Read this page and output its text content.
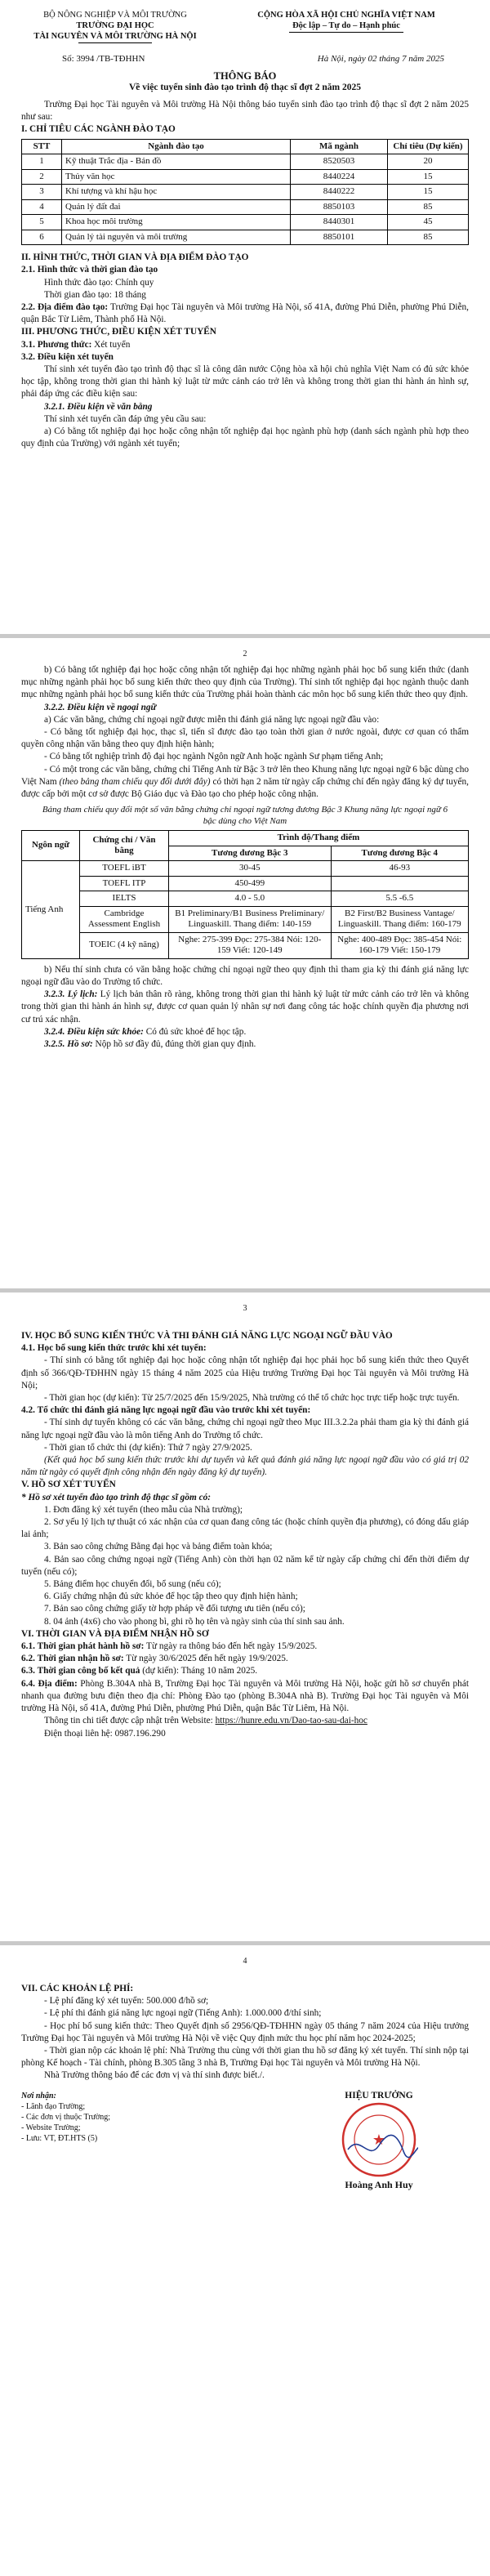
BỘ NÔNG NGHIỆP VÀ MÔI TRƯỜNG
TRƯỜNG ĐẠI HỌC
TÀI NGUYÊN VÀ MÔI TRƯỜNG HÀ NỘI
CỘNG HÒA XÃ HỘI CHỦ NGHĨA VIỆT NAM
Độc lập – Tự do – Hạnh phúc
Số: 3994 /TB-TĐHHN	Hà Nội, ngày 02 tháng 7 năm 2025
THÔNG BÁO
Về việc tuyển sinh đào tạo trình độ thạc sĩ đợt 2 năm 2025

Trường Đại học Tài nguyên và Môi trường Hà Nội thông báo tuyển sinh đào tạo trình độ thạc sĩ đợt 2 năm 2025 như sau:

I. CHỈ TIÊU CÁC NGÀNH ĐÀO TẠO

STT	Ngành đào tạo	Mã ngành	Chỉ tiêu (Dự kiến)
1	Kỹ thuật Trắc địa - Bản đồ	8520503	20
2	Thủy văn học	8440224	15
3	Khí tượng và khí hậu học	8440222	15
4	Quản lý đất đai	8850103	85
5	Khoa học môi trường	8440301	45
6	Quản lý tài nguyên và môi trường	8850101	85

II. HÌNH THỨC, THỜI GIAN VÀ ĐỊA ĐIỂM ĐÀO TẠO

2.1. Hình thức và thời gian đào tạo

Hình thức đào tạo: Chính quy

Thời gian đào tạo: 18 tháng

2.2. Địa điểm đào tạo: Trường Đại học Tài nguyên và Môi trường Hà Nội, số 41A, đường Phú Diễn, phường Phú Diễn, quận Bắc Từ Liêm, Thành phố Hà Nội.

III. PHƯƠNG THỨC, ĐIỀU KIỆN XÉT TUYỂN

3.1. Phương thức: Xét tuyển

3.2. Điều kiện xét tuyển

Thí sinh xét tuyển đào tạo trình độ thạc sĩ là công dân nước Cộng hòa xã hội chủ nghĩa Việt Nam có đủ sức khỏe học tập, không trong thời gian thi hành kỷ luật từ mức cảnh cáo trở lên và không trong thời gian thi hành án hình sự, phải đáp ứng các điều kiện sau:

3.2.1. Điều kiện về văn bằng

Thí sinh xét tuyển cần đáp ứng yêu cầu sau:

a) Có bằng tốt nghiệp đại học hoặc công nhận tốt nghiệp đại học ngành phù hợp (danh sách ngành phù hợp theo quy định của Trường) với ngành xét tuyển;

2

b) Có bằng tốt nghiệp đại học hoặc công nhận tốt nghiệp đại học những ngành phải học bổ sung kiến thức (danh mục những ngành phải học bổ sung kiến thức theo quy định của Trường). Thí sinh tốt nghiệp đại học ngành thuộc danh mục những ngành phải học bổ sung kiến thức của Trường phải hoàn thành các môn học bổ sung kiến thức theo quy định.

3.2.2. Điều kiện về ngoại ngữ

a) Các văn bằng, chứng chỉ ngoại ngữ được miễn thi đánh giá năng lực ngoại ngữ đầu vào:

- Có bằng tốt nghiệp đại học, thạc sĩ, tiến sĩ được đào tạo toàn thời gian ở nước ngoài, được cơ quan có thẩm quyền công nhận văn bằng theo quy định hiện hành;

- Có bằng tốt nghiệp trình độ đại học ngành Ngôn ngữ Anh hoặc ngành Sư phạm tiếng Anh;

- Có một trong các văn bằng, chứng chỉ Tiếng Anh từ Bậc 3 trở lên theo Khung năng lực ngoại ngữ 6 bậc dùng cho Việt Nam (theo bảng tham chiếu quy đổi dưới đây) có thời hạn 2 năm từ ngày cấp chứng chỉ đến ngày đăng ký dự tuyển, được cấp bởi một cơ sở được Bộ Giáo dục và Đào tạo cho phép hoặc công nhận.

Bảng tham chiếu quy đổi một số văn bằng chứng chỉ ngoại ngữ tương đương Bậc 3 Khung năng lực ngoại ngữ 6 bậc dùng cho Việt Nam
Ngôn ngữ	Chứng chỉ / Văn bằng	Trình độ/Thang điểm	
		Tương đương Bậc 3	Tương đương Bậc 4
Tiếng Anh	TOEFL iBT	30-45	46-93
	TOEFL ITP	450-499	
	IELTS	4.0 - 5.0	5.5 -6.5
	Cambridge Assessment English	B1 Preliminary/B1 Business Preliminary/ Linguaskill. Thang điểm: 140-159	B2 First/B2 Business Vantage/ Linguaskill. Thang điểm: 160-179
	TOEIC (4 kỹ năng)	Nghe: 275-399 Đọc: 275-384 Nói: 120-159 Viết: 120-149	Nghe: 400-489 Đọc: 385-454 Nói: 160-179 Viết: 150-179

b) Nếu thí sinh chưa có văn bằng hoặc chứng chỉ ngoại ngữ theo quy định thì tham gia kỳ thi đánh giá năng lực ngoại ngữ đầu vào do Trường tổ chức.

3.2.3. Lý lịch: Lý lịch bản thân rõ ràng, không trong thời gian thi hành kỷ luật từ mức cảnh cáo trở lên và không trong thời gian thi hành án hình sự, được cơ quan quản lý nhân sự nơi đang công tác hoặc chính quyền địa phương nơi cư trú xác nhận.

3.2.4. Điều kiện sức khỏe: Có đủ sức khoẻ để học tập.

3.2.5. Hồ sơ: Nộp hồ sơ đầy đủ, đúng thời gian quy định.

3

IV. HỌC BỔ SUNG KIẾN THỨC VÀ THI ĐÁNH GIÁ NĂNG LỰC NGOẠI NGỮ ĐẦU VÀO

4.1. Học bổ sung kiến thức trước khi xét tuyển:

- Thí sinh có bằng tốt nghiệp đại học hoặc công nhận tốt nghiệp đại học phải học bổ sung kiến thức theo Quyết định số 366/QĐ-TĐHHN ngày 15 tháng 4 năm 2025 của Hiệu trưởng Trường Đại học Tài nguyên và Môi trường Hà Nội;

- Thời gian học (dự kiến): Từ 25/7/2025 đến 15/9/2025, Nhà trường có thể tổ chức học trực tiếp hoặc trực tuyến.

4.2. Tổ chức thi đánh giá năng lực ngoại ngữ đầu vào trước khi xét tuyển:

- Thí sinh dự tuyển không có các văn bằng, chứng chỉ ngoại ngữ theo Mục III.3.2.2a phải tham gia kỳ thi đánh giá năng lực ngoại ngữ đầu vào là môn tiếng Anh do Trường tổ chức.

- Thời gian tổ chức thi (dự kiến): Thứ 7 ngày 27/9/2025.

(Kết quả học bổ sung kiến thức trước khi dự tuyển và kết quả đánh giá năng lực ngoại ngữ đầu vào có giá trị 02 năm từ ngày có quyết định công nhận đến ngày đăng ký dự tuyển).

V. HỒ SƠ XÉT TUYỂN

* Hồ sơ xét tuyển đào tạo trình độ thạc sĩ gồm có:

1. Đơn đăng ký xét tuyển (theo mẫu của Nhà trường);

2. Sơ yếu lý lịch tự thuật có xác nhận của cơ quan đang công tác (hoặc chính quyền địa phương), có đóng dấu giáp lai ảnh;

3. Bản sao công chứng Bằng đại học và bảng điểm toàn khóa;

4. Bản sao công chứng ngoại ngữ (Tiếng Anh) còn thời hạn 02 năm kể từ ngày cấp chứng chỉ đến thời điểm dự tuyển (nếu có);

5. Bảng điểm học chuyển đổi, bổ sung (nếu có);

6. Giấy chứng nhận đủ sức khỏe để học tập theo quy định hiện hành;

7. Bản sao công chứng giấy tờ hợp pháp về đối tượng ưu tiên (nếu có);

8. 04 ảnh (4x6) cho vào phong bì, ghi rõ họ tên và ngày sinh của thí sinh sau ảnh.

VI. THỜI GIAN VÀ ĐỊA ĐIỂM NHẬN HỒ SƠ

6.1. Thời gian phát hành hồ sơ: Từ ngày ra thông báo đến hết ngày 15/9/2025.

6.2. Thời gian nhận hồ sơ: Từ ngày 30/6/2025 đến hết ngày 19/9/2025.

6.3. Thời gian công bố kết quả (dự kiến): Tháng 10 năm 2025.

6.4. Địa điểm: Phòng B.304A nhà B, Trường Đại học Tài nguyên và Môi trường Hà Nội, hoặc gửi hồ sơ chuyển phát nhanh qua đường bưu điện theo địa chỉ: Phòng Đào tạo (phòng B.304A nhà B). Trường Đại học Tài nguyên và Môi trường Hà Nội, số 41A, đường Phú Diễn, phường Phú Diễn, quận Bắc Từ Liêm, Hà Nội.

Thông tin chi tiết được cập nhật trên Website: https://hunre.edu.vn/Dao-tao-sau-dai-hoc

Điện thoại liên hệ: 0987.196.290

4

VII. CÁC KHOẢN LỆ PHÍ:

- Lệ phí đăng ký xét tuyển: 500.000 đ/hồ sơ;

- Lệ phí thi đánh giá năng lực ngoại ngữ (Tiếng Anh): 1.000.000 đ/thí sinh;

- Học phí bổ sung kiến thức: Theo Quyết định số 2956/QĐ-TĐHHN ngày 05 tháng 7 năm 2024 của Hiệu trưởng Trường Đại học Tài nguyên và Môi trường Hà Nội về việc Quy định mức thu học phí năm học 2024-2025;

- Thời gian nộp các khoản lệ phí: Nhà Trường thu cùng với thời gian thu hồ sơ đăng ký xét tuyển. Thí sinh nộp tại phòng Kế hoạch - Tài chính, phòng B.305 tầng 3 nhà B, Trường Đại học Tài nguyên và Môi trường Hà Nội.

Nhà Trường thông báo để các đơn vị và thí sinh được biết./.

Nơi nhận:
- Lãnh đạo Trường;
- Các đơn vị thuộc Trường;
- Website Trường;
- Lưu: VT, ĐT.HTS (5)
HIỆU TRƯỞNG
★
Hoàng Anh Huy
